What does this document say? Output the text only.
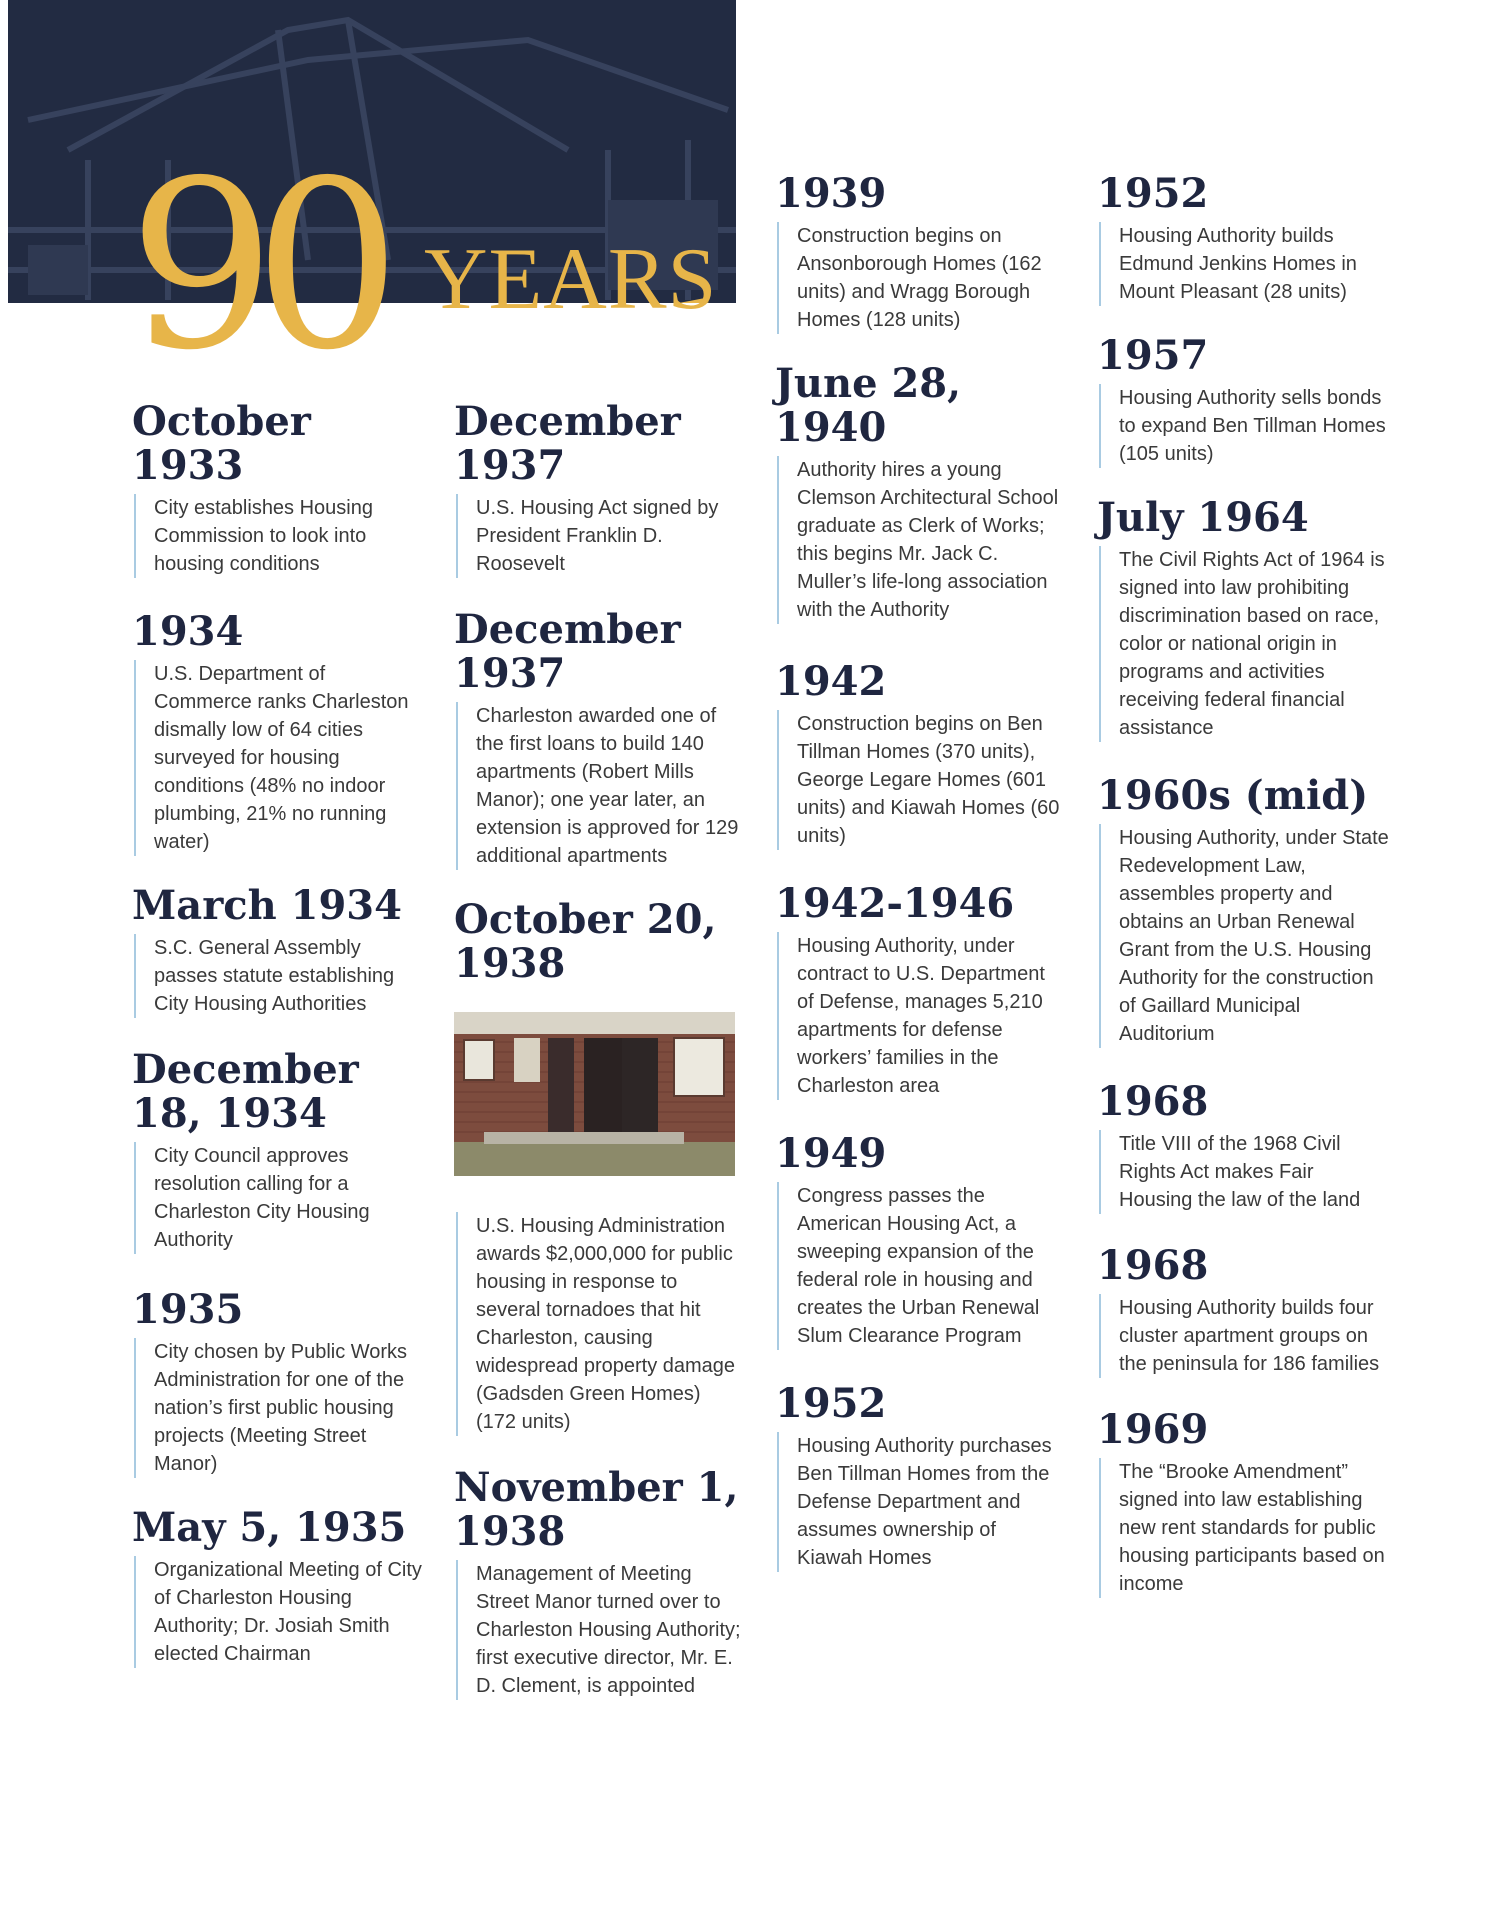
90 YEARS
October 1933
City establishes Housing Commission to look into housing conditions
1934
U.S. Department of Commerce ranks Charleston dismally low of 64 cities surveyed for housing conditions (48% no indoor plumbing, 21% no running water)
March 1934
S.C. General Assembly passes statute establishing City Housing Authorities
December 18, 1934
City Council approves resolution calling for a Charleston City Housing Authority
1935
City chosen by Public Works Administration for one of the nation’s first public housing projects (Meeting Street Manor)
May 5, 1935
Organizational Meeting of City of Charleston Housing Authority; Dr. Josiah Smith elected Chairman
December 1937
U.S. Housing Act signed by President Franklin D. Roosevelt
December 1937
Charleston awarded one of the first loans to build 140 apartments (Robert Mills Manor); one year later, an extension is approved for 129 additional apartments
October 20, 1938
U.S. Housing Administration awards $2,000,000 for public housing in response to several tornadoes that hit Charleston, causing widespread property damage (Gadsden Green Homes) (172 units)
November 1, 1938
Management of Meeting Street Manor turned over to Charleston Housing Authority; first executive director, Mr. E. D. Clement, is appointed
1939
Construction begins on Ansonborough Homes (162 units) and Wragg Borough Homes (128 units)
June 28, 1940
Authority hires a young Clemson Architectural School graduate as Clerk of Works; this begins Mr. Jack C. Muller’s life-long association with the Authority
1942
Construction begins on Ben Tillman Homes (370 units), George Legare Homes (601 units) and Kiawah Homes (60 units)
1942-1946
Housing Authority, under contract to U.S. Department of Defense, manages 5,210 apartments for defense workers’ families in the Charleston area
1949
Congress passes the American Housing Act, a sweeping expansion of the federal role in housing and creates the Urban Renewal Slum Clearance Program
1952
Housing Authority purchases Ben Tillman Homes from the Defense Department and assumes ownership of Kiawah Homes
1952
Housing Authority builds Edmund Jenkins Homes in Mount Pleasant (28 units)
1957
Housing Authority sells bonds to expand Ben Tillman Homes (105 units)
July 1964
The Civil Rights Act of 1964 is signed into law prohibiting discrimination based on race, color or national origin in programs and activities receiving federal financial assistance
1960s (mid)
Housing Authority, under State Redevelopment Law, assembles property and obtains an Urban Renewal Grant from the U.S. Housing Authority for the construction of Gaillard Municipal Auditorium
1968
Title VIII of the 1968 Civil Rights Act makes Fair Housing the law of the land
1968
Housing Authority builds four cluster apartment groups on the peninsula for 186 families
1969
The “Brooke Amendment” signed into law establishing new rent standards for public housing participants based on income
